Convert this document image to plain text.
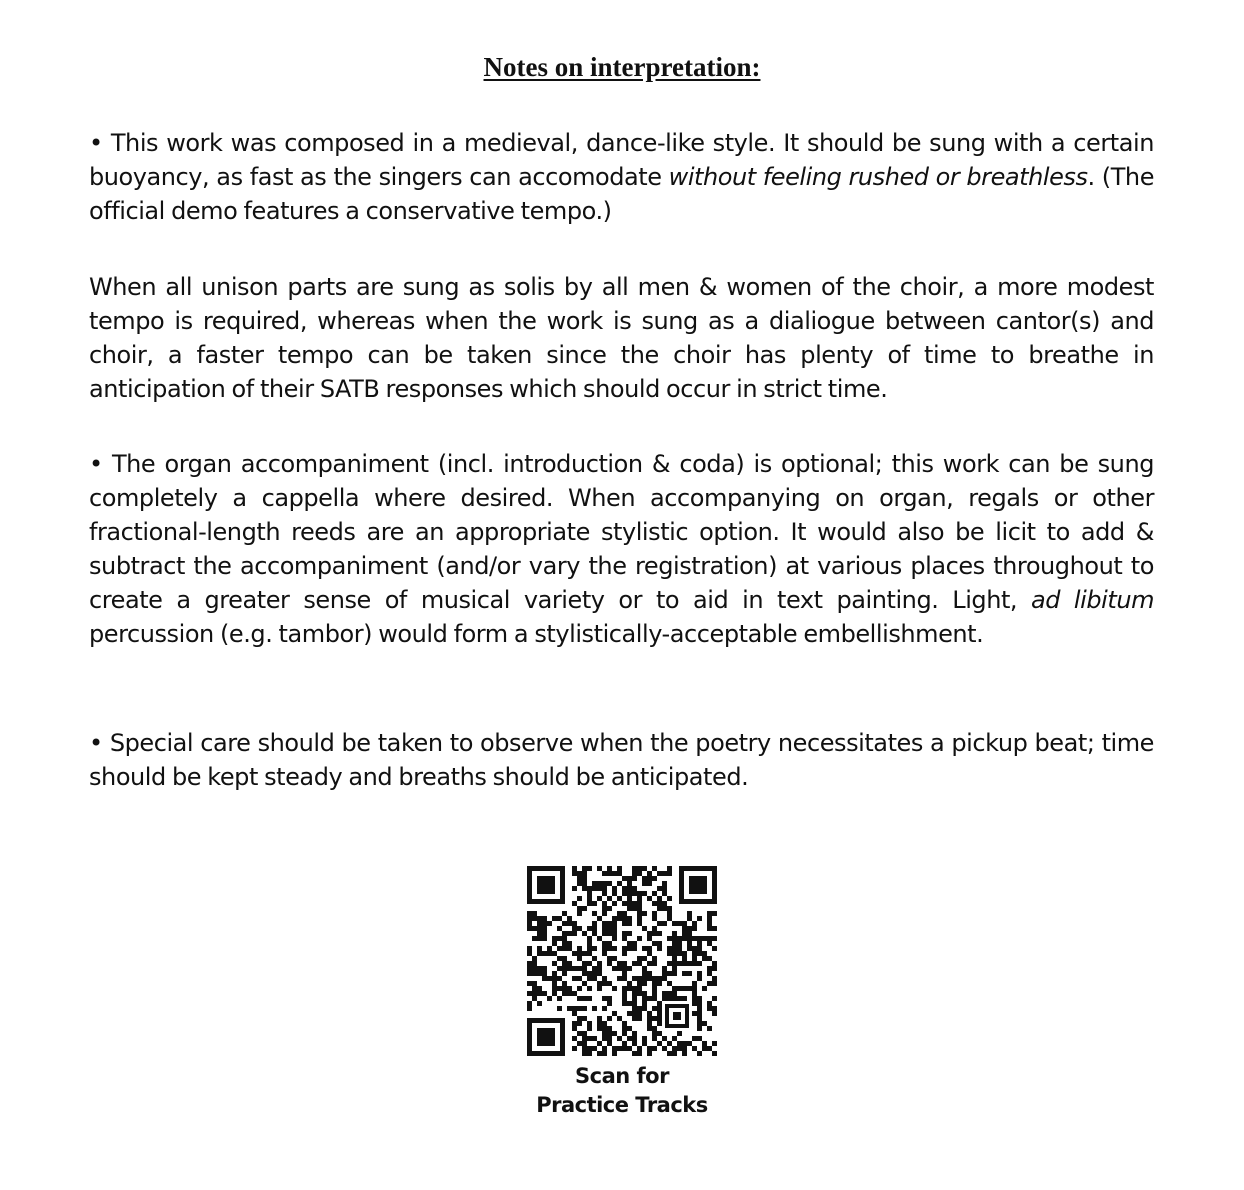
Notes on interpretation:
• This work was composed in a medieval, dance-like style. It should be sung with a certain buoyancy, as fast as the singers can accomodate without feeling rushed or breathless. (The official demo features a conservative tempo.)
When all unison parts are sung as solis by all men & women of the choir, a more modest tempo is required, whereas when the work is sung as a dialiogue between cantor(s) and choir, a faster tempo can be taken since the choir has plenty of time to breathe in anticipation of their SATB responses which should occur in strict time.
• The organ accompaniment (incl. introduction & coda) is optional; this work can be sung completely a cappella where desired. When accompanying on organ, regals or other fractional-length reeds are an appropriate stylistic option. It would also be licit to add & subtract the accompaniment (and/or vary the registration) at various places throughout to create a greater sense of musical variety or to aid in text painting. Light, ad libitum percussion (e.g. tambor) would form a stylistically-acceptable embellishment.
• Special care should be taken to observe when the poetry necessitates a pickup beat; time should be kept steady and breaths should be anticipated.
Scan for
Practice Tracks
